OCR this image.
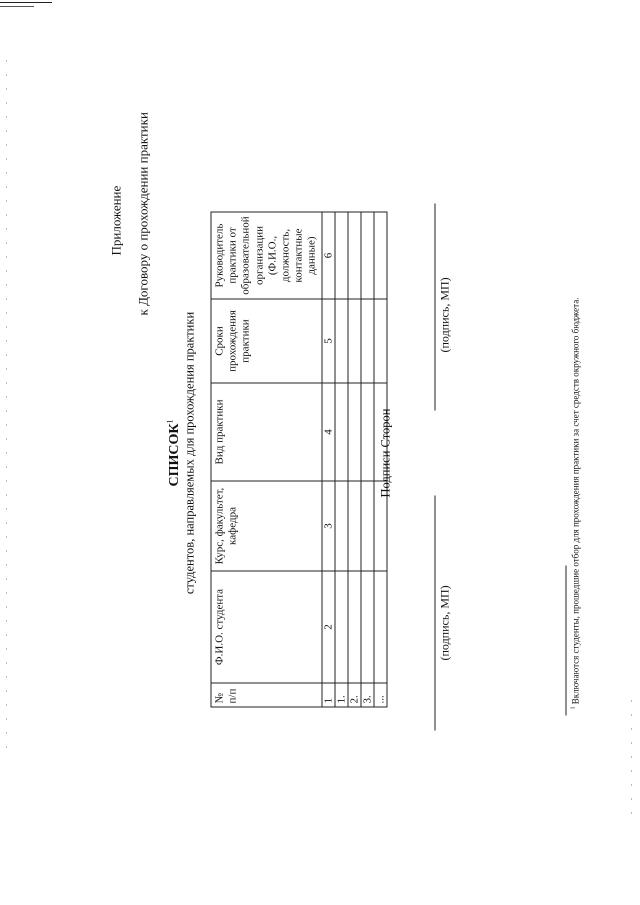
Приложение к Договору о прохождении практики
СПИСОК$^1$ студентов, направляемых для прохождения практики
№ п/п	Ф.И.О. студента	Курс, факультет, кафедра	Вид практики	Сроки прохождения практики	Руководитель практики от образовательной организации (Ф.И.О., должность, контактные данные)
1	2	3	4	5	6
1.					
2.					
3.					
...					
Подписи Сторон
(подпись, МП)
(подпись, МП)
$^1$ Включаются студенты, прошедшие отбор для прохождения практики за счет средств окружного бюджета.
